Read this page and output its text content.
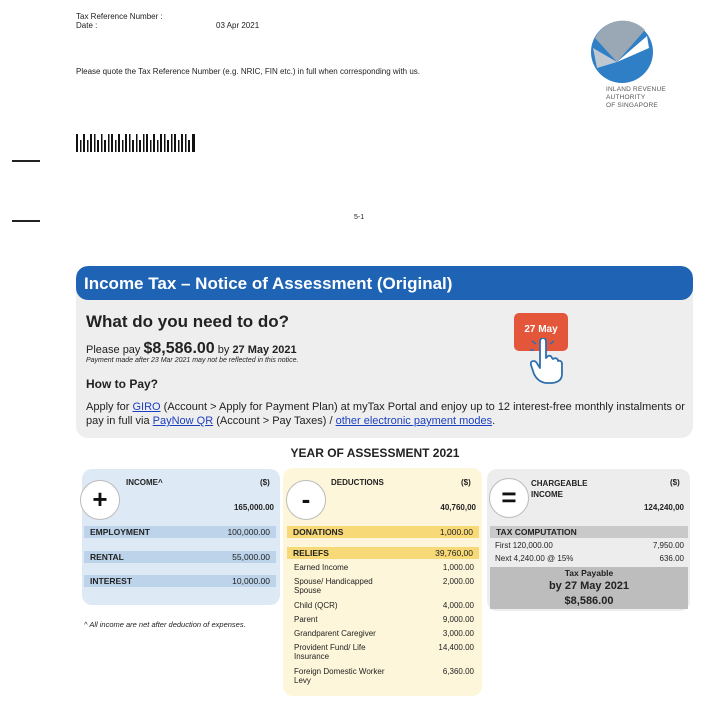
Tax Reference Number :
Date :	03 Apr 2021
Please quote the Tax Reference Number (e.g. NRIC, FIN etc.) in full when corresponding with us.
5-1
INLAND REVENUE
AUTHORITY
OF SINGAPORE
Income Tax – Notice of Assessment (Original)
What do you need to do?
Please pay $8,586.00 by 27 May 2021
Payment made after 23 Mar 2021 may not be reflected in this notice.
27 May
How to Pay?
Apply for GIRO (Account > Apply for Payment Plan) at myTax Portal and enjoy up to 12 interest-free monthly instalments or pay in full via PayNow QR (Account > Pay Taxes) / other electronic payment modes.
YEAR OF ASSESSMENT 2021
+
INCOME^	($)
165,000.00
EMPLOYMENT	100,000.00
RENTAL	55,000.00
INTEREST	10,000.00
^ All income are net after deduction of expenses.
-
DEDUCTIONS	($)
40,760,00
DONATIONS	1,000.00
RELIEFS	39,760,00
Earned Income	1,000.00
Spouse/ Handicapped Spouse
2,000.00
Child (QCR)	4,000.00
Parent	9,000.00
Grandparent Caregiver	3,000.00
Provident Fund/ Life Insurance
14,400.00
Foreign Domestic Worker Levy
6,360.00
=	CHARGEABLE INCOME
($)
124,240,00
TAX COMPUTATION
First 120,000.00	7,950.00
Next 4,240.00 @ 15%	636.00
Tax Payable
by 27 May 2021
$8,586.00
